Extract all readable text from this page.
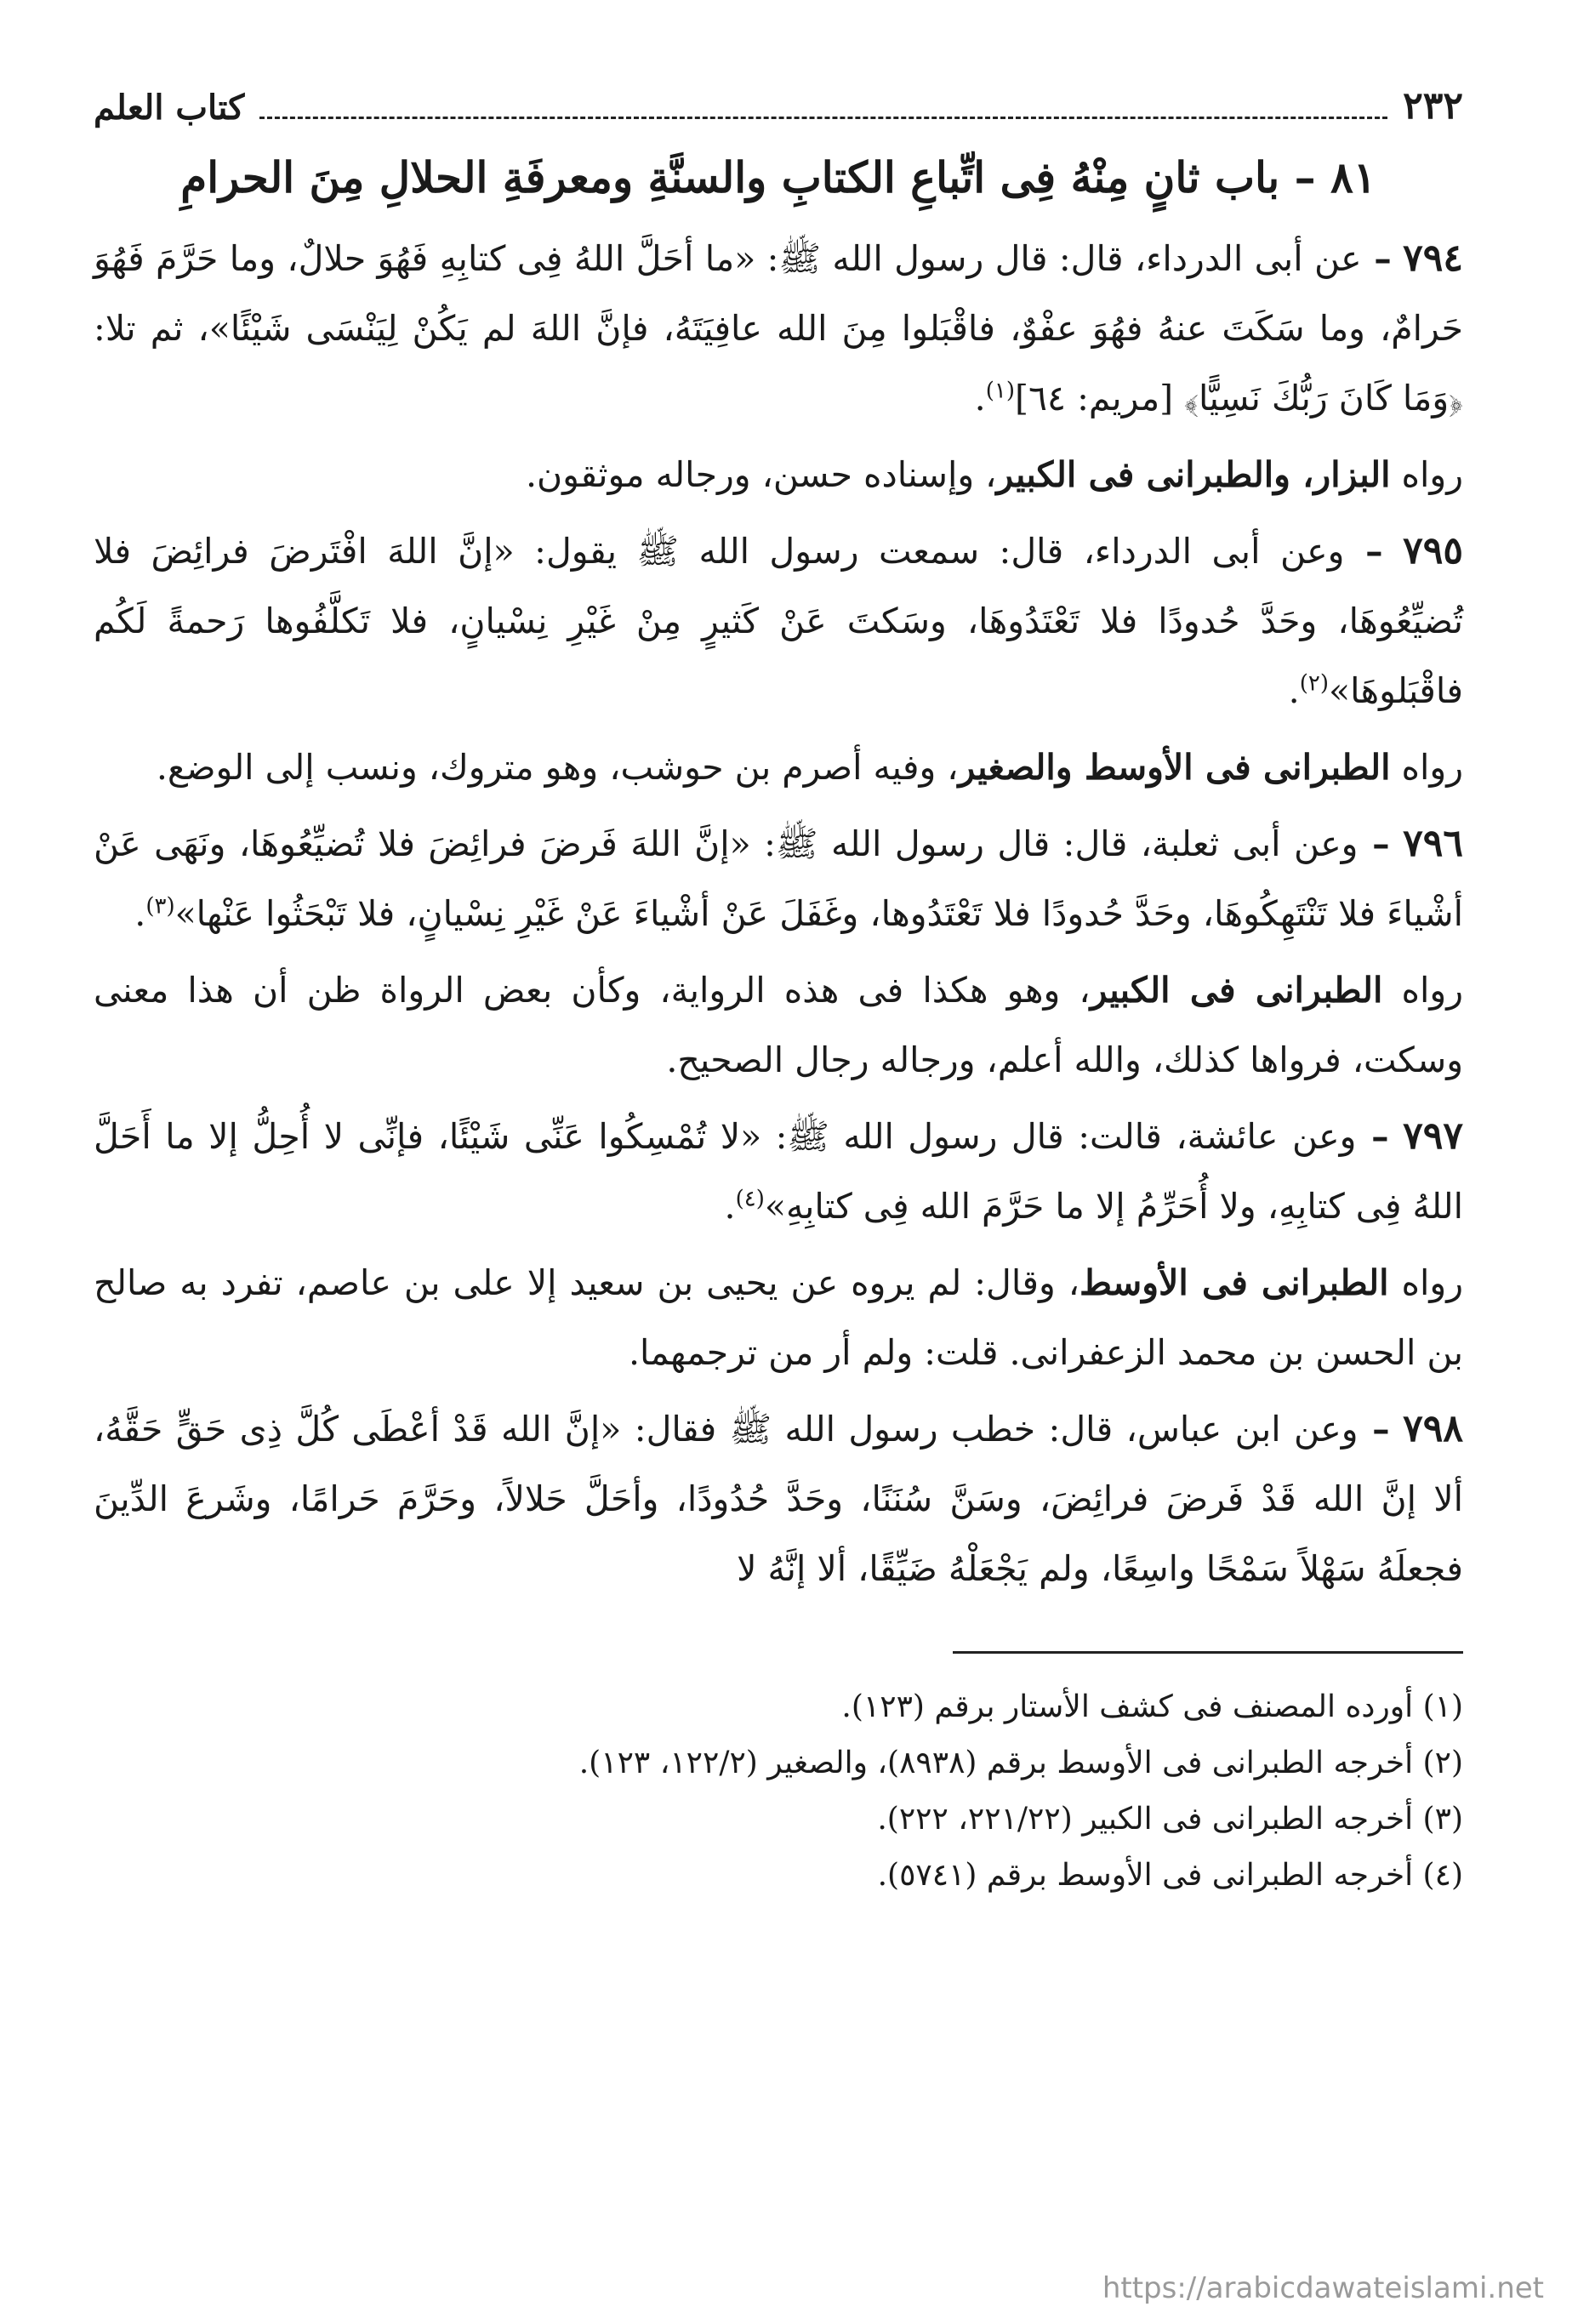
٢٣٢
كتاب العلم
٨١ – باب ثانٍ مِنْهُ فِى اتِّباعِ الكتابِ والسنَّةِ ومعرفَةِ الحلالِ مِنَ الحرامِ

٧٩٤ – عن أبى الدرداء، قال: قال رسول الله ﷺ: «ما أحَلَّ اللهُ فِى كتابِهِ فَهُوَ حلالٌ، وما حَرَّمَ فَهُوَ حَرامٌ، وما سَكَتَ عنهُ فهُوَ عفْوٌ، فاقْبَلوا مِنَ الله عافِيَتَهُ، فإنَّ اللهَ لم يَكُنْ لِيَنْسَى شَيْئًا»، ثم تلا: ﴿وَمَا كَانَ رَبُّكَ نَسِيًّا﴾ [مريم: ٦٤]$^{(١)}$.

رواه البزار، والطبرانى فى الكبير، وإسناده حسن، ورجاله موثقون.

٧٩٥ – وعن أبى الدرداء، قال: سمعت رسول الله ﷺ يقول: «إنَّ اللهَ افْتَرضَ فرائِضَ فلا تُضيِّعُوهَا، وحَدَّ حُدودًا فلا تَعْتَدُوهَا، وسَكتَ عَنْ كَثيرٍ مِنْ غَيْرِ نِسْيانٍ، فلا تَكلَّفُوها رَحمةً لَكُم فاقْبَلوهَا»$^{(٢)}$.

رواه الطبرانى فى الأوسط والصغير، وفيه أصرم بن حوشب، وهو متروك، ونسب إلى الوضع.

٧٩٦ – وعن أبى ثعلبة، قال: قال رسول الله ﷺ: «إنَّ اللهَ فَرضَ فرائِضَ فلا تُضيِّعُوهَا، ونَهَى عَنْ أشْياءَ فلا تَنْتَهِكُوهَا، وحَدَّ حُدودًا فلا تَعْتَدُوها، وغَفَلَ عَنْ أشْياءَ عَنْ غَيْرِ نِسْيانٍ، فلا تَبْحَثُوا عَنْها»$^{(٣)}$.

رواه الطبرانى فى الكبير، وهو هكذا فى هذه الرواية، وكأن بعض الرواة ظن أن هذا معنى وسكت، فرواها كذلك، والله أعلم، ورجاله رجال الصحيح.

٧٩٧ – وعن عائشة، قالت: قال رسول الله ﷺ: «لا تُمْسِكُوا عَنِّى شَيْئًا، فإنِّى لا أُحِلُّ إلا ما أَحَلَّ اللهُ فِى كتابِهِ، ولا أُحَرِّمُ إلا ما حَرَّمَ الله فِى كتابِهِ»$^{(٤)}$.

رواه الطبرانى فى الأوسط، وقال: لم يروه عن يحيى بن سعيد إلا على بن عاصم، تفرد به صالح بن الحسن بن محمد الزعفرانى. قلت: ولم أر من ترجمهما.

٧٩٨ – وعن ابن عباس، قال: خطب رسول الله ﷺ فقال: «إنَّ الله قَدْ أعْطَى كُلَّ ذِى حَقٍّ حَقَّهُ، ألا إنَّ الله قَدْ فَرضَ فرائِضَ، وسَنَّ سُنَنًا، وحَدَّ حُدُودًا، وأحَلَّ حَلالاً، وحَرَّمَ حَرامًا، وشَرعَ الدِّينَ فجعلَهُ سَهْلاً سَمْحًا واسِعًا، ولم يَجْعَلْهُ ضَيِّقًا، ألا إنَّهُ لا

(١) أورده المصنف فى كشف الأستار برقم (١٢٣).

(٢) أخرجه الطبرانى فى الأوسط برقم (٨٩٣٨)، والصغير (١٢٢/٢، ١٢٣).

(٣) أخرجه الطبرانى فى الكبير (٢٢١/٢٢، ٢٢٢).

(٤) أخرجه الطبرانى فى الأوسط برقم (٥٧٤١).

https://arabicdawateislami.net
